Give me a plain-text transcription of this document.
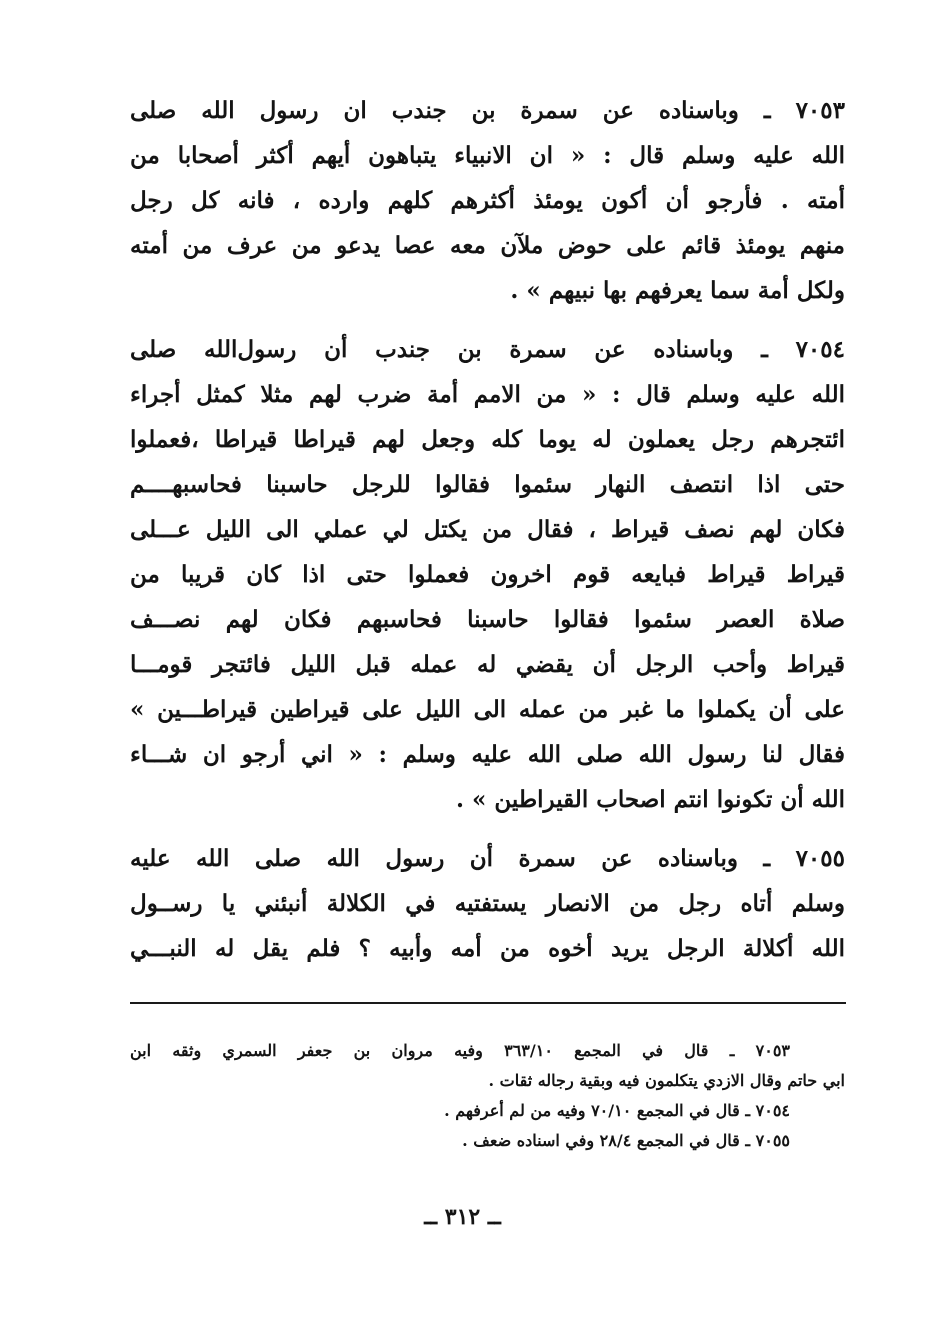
٧٠٥٣ ـ وباسناده عن سمرة بن جندب ان رسول الله صلى
الله عليه وسلم قال : « ان الانبياء يتباهون أيهم أكثر أصحابا من
أمته . فأرجو أن أكون يومئذ أكثرهم كلهم وارده ، فانه كل رجل
منهم يومئذ قائم على حوض ملآن معه عصا يدعو من عرف من أمته
ولكل أمة سما يعرفهم بها نبيهم » .
٧٠٥٤ ـ وباسناده عن سمرة بن جندب أن رسول‌الله صلى
الله عليه وسلم قال : « من الامم أمة ضرب لهم مثلا كمثل أجراء
ائتجرهم رجل يعملون له يوما كله وجعل لهم قيراطا قيراطا ،فعملوا
حتى اذا انتصف النهار سئموا فقالوا للرجل حاسبنا فحاسبهــــم
فكان لهم نصف قيراط ، فقال من يكتل لي عملي الى الليل عـــلى
قيراط قيراط فبايعه قوم اخرون فعملوا حتى اذا كان قريبا من
صلاة العصر سئموا فقالوا حاسبنا فحاسبهم فكان لهم نصـــف
قيراط وأحب الرجل أن يقضي له عمله قبل الليل فائتجر قومـــا
على أن يكملوا ما غبر من عمله الى الليل على قيراطين قيراطـــين »
فقال لنا رسول الله صلى الله عليه وسلم : « اني أرجو ان شـــاء
الله أن تكونوا انتم اصحاب القيراطين » .
٧٠٥٥ ـ وباسناده عن سمرة أن رسول الله صلى الله عليه
وسلم أتاه رجل من الانصار يستفتيه في الكلالة أنبئني يا رســول
الله أكلالة الرجل يريد أخوه من أمه وأبيه ؟ فلم يقل له النبـــي
٧٠٥٣ ـ قال في المجمع ٣٦٣/١٠ وفيه مروان بن جعفر السمري وثقه ابن
ابي حاتم وقال الازدي يتكلمون فيه وبقية رجاله ثقات .
٧٠٥٤ ـ قال في المجمع ٧٠/١٠ وفيه من لم أعرفهم .
٧٠٥٥ ـ قال في المجمع ٢٨/٤ وفي اسناده ضعف .
ــ ٣١٢ ــ
